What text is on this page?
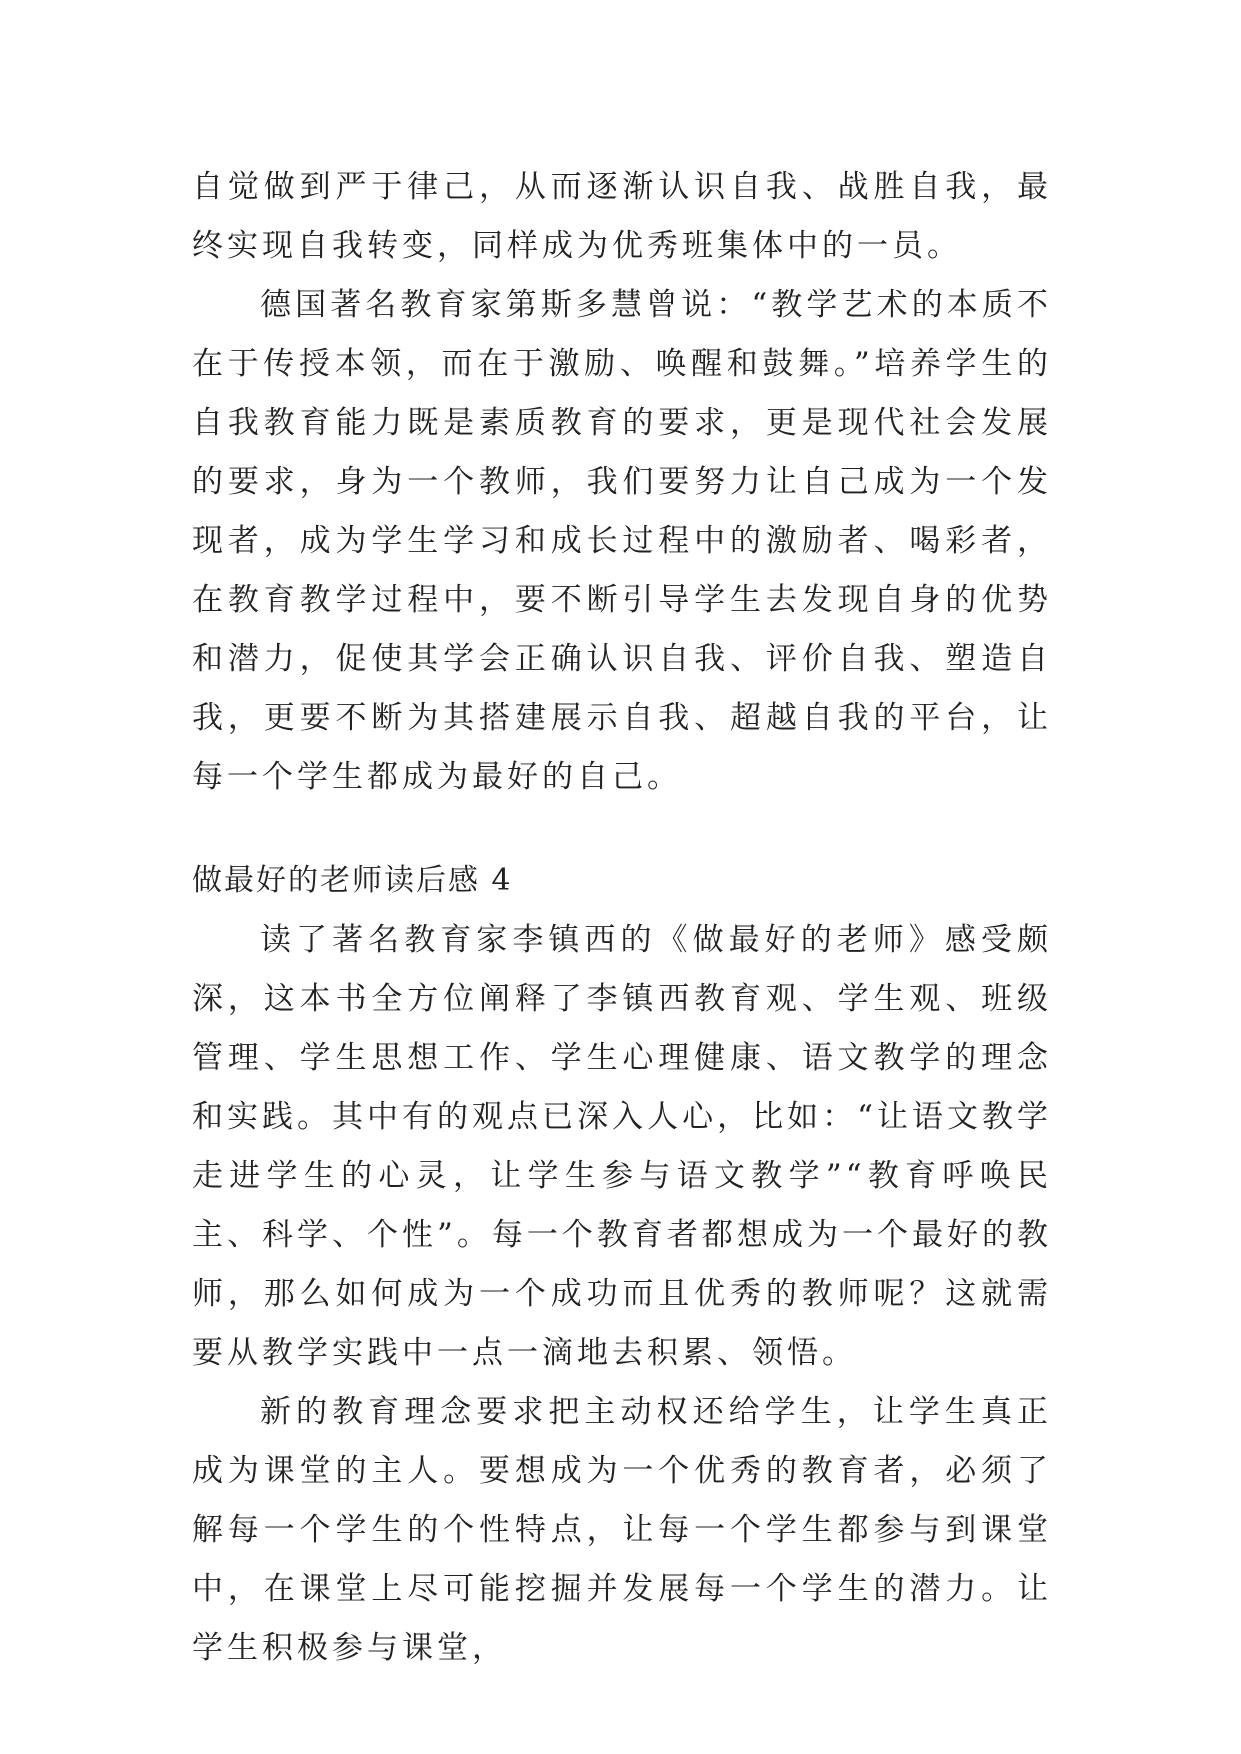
自觉做到严于律己，从而逐渐认识自我、战胜自我，最终实现自我转变，同样成为优秀班集体中的一员。

德国著名教育家第斯多慧曾说：“教学艺术的本质不在于传授本领，而在于激励、唤醒和鼓舞。”培养学生的自我教育能力既是素质教育的要求，更是现代社会发展的要求，身为一个教师，我们要努力让自己成为一个发现者，成为学生学习和成长过程中的激励者、喝彩者，在教育教学过程中，要不断引导学生去发现自身的优势和潜力，促使其学会正确认识自我、评价自我、塑造自我，更要不断为其搭建展示自我、超越自我的平台，让每一个学生都成为最好的自己。

做最好的老师读后感 4

读了著名教育家李镇西的《做最好的老师》感受颇深，这本书全方位阐释了李镇西教育观、学生观、班级管理、学生思想工作、学生心理健康、语文教学的理念和实践。其中有的观点已深入人心，比如：“让语文教学走进学生的心灵，让学生参与语文教学”“教育呼唤民主、科学、个性”。每一个教育者都想成为一个最好的教师，那么如何成为一个成功而且优秀的教师呢？这就需要从教学实践中一点一滴地去积累、领悟。

新的教育理念要求把主动权还给学生，让学生真正成为课堂的主人。要想成为一个优秀的教育者，必须了解每一个学生的个性特点，让每一个学生都参与到课堂中，在课堂上尽可能挖掘并发展每一个学生的潜力。让学生积极参与课堂，
